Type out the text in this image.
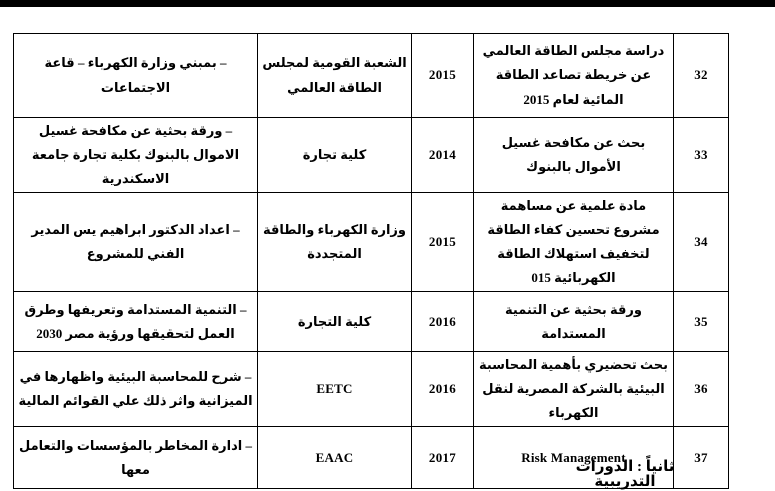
32	دراسة مجلس الطاقة العالمي عن خريطة تصاعد الطاقة المائية لعام 2015	2015	الشعبة القومية لمجلس الطاقة العالمي	– بمبني وزارة الكهرباء – قاعة الاجتماعات
33	بحث عن مكافحة غسيل الأموال بالبنوك	2014	كلية تجارة	– ورقة بحثية عن مكافحة غسيل الاموال بالبنوك بكلية تجارة جامعة الاسكندرية
34	مادة علمية عن مساهمة مشروع تحسين كفاء الطاقة لتخفيف استهلاك الطاقة الكهربائية 015	2015	وزارة الكهرباء والطاقة المتجددة	– اعداد الدكتور ابراهيم يس المدير الفني للمشروع
35	ورقة بحثية عن التنمية المستدامة	2016	كلية التجارة	– التنمية المستدامة وتعريفها وطرق العمل لتحقيقها ورؤية مصر 2030
36	بحث تحضيري بأهمية المحاسبة البيئية بالشركة المصرية لنقل الكهرباء	2016	EETC	– شرح للمحاسبة البيئية واظهارها في الميزانية واثر ذلك علي القوائم المالية
37	Risk Management	2017	EAAC	– ادارة المخاطر بالمؤسسات والتعامل معها	ثانياً : الدورات التدريبية
